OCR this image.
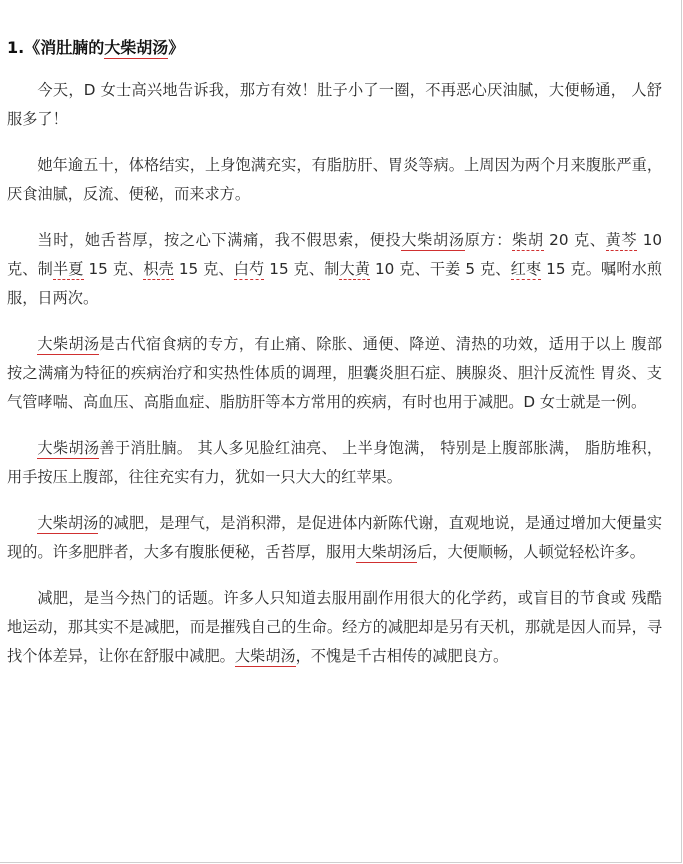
1.《消肚腩的大柴胡汤》

今天，D 女士高兴地告诉我，那方有效！肚子小了一圈，不再恶心厌油腻，大便畅通， 人舒服多了！

她年逾五十，体格结实，上身饱满充实，有脂肪肝、胃炎等病。上周因为两个月来腹胀严重，厌食油腻，反流、便秘，而来求方。

当时，她舌苔厚，按之心下满痛，我不假思索，便投大柴胡汤原方：柴胡 20 克、黄芩 10 克、制半夏 15 克、枳壳 15 克、白芍 15 克、制大黄 10 克、干姜 5 克、红枣 15 克。嘱咐水煎服，日两次。

大柴胡汤是古代宿食病的专方，有止痛、除胀、通便、降逆、清热的功效，适用于以上 腹部按之满痛为特征的疾病治疗和实热性体质的调理，胆囊炎胆石症、胰腺炎、胆汁反流性 胃炎、支气管哮喘、高血压、高脂血症、脂肪肝等本方常用的疾病，有时也用于减肥。D 女士就是一例。

大柴胡汤善于消肚腩。 其人多见脸红油亮、 上半身饱满， 特别是上腹部胀满， 脂肪堆积， 用手按压上腹部，往往充实有力，犹如一只大大的红苹果。

大柴胡汤的减肥，是理气，是消积滞，是促进体内新陈代谢，直观地说，是通过增加大便量实现的。许多肥胖者，大多有腹胀便秘，舌苔厚，服用大柴胡汤后，大便顺畅，人顿觉轻松许多。

减肥，是当今热门的话题。许多人只知道去服用副作用很大的化学药，或盲目的节食或 残酷地运动，那其实不是减肥，而是摧残自己的生命。经方的减肥却是另有天机，那就是因人而异，寻找个体差异，让你在舒服中减肥。大柴胡汤，不愧是千古相传的减肥良方。
